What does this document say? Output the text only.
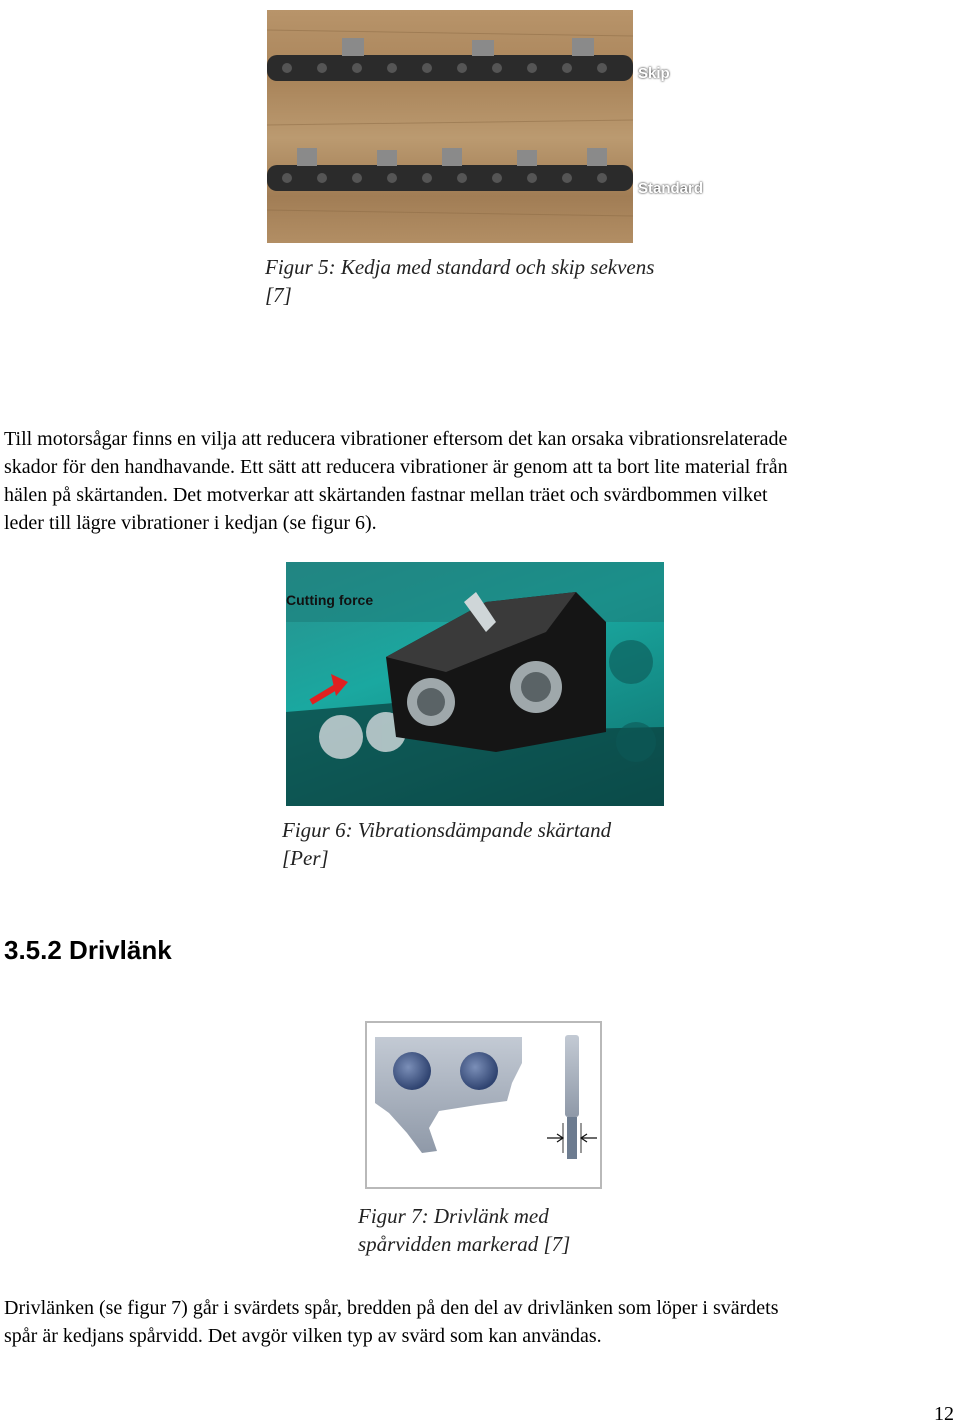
Skip
Standard
Figur 5: Kedja med standard och skip sekvens
[7]
Till motorsågar finns en vilja att reducera vibrationer eftersom det kan orsaka vibrationsrelaterade
skador för den handhavande. Ett sätt att reducera vibrationer är genom att ta bort lite material från
hälen på skärtanden. Det motverkar att skärtanden fastnar mellan träet och svärdbommen vilket
leder till lägre vibrationer i kedjan (se figur 6).
Cutting force
Figur 6: Vibrationsdämpande skärtand
[Per]
3.5.2 Drivlänk
Figur 7: Drivlänk med
spårvidden markerad [7]
Drivlänken (se figur 7) går i svärdets spår, bredden på den del av drivlänken som löper i svärdets
spår är kedjans spårvidd. Det avgör vilken typ av svärd som kan användas.
12
